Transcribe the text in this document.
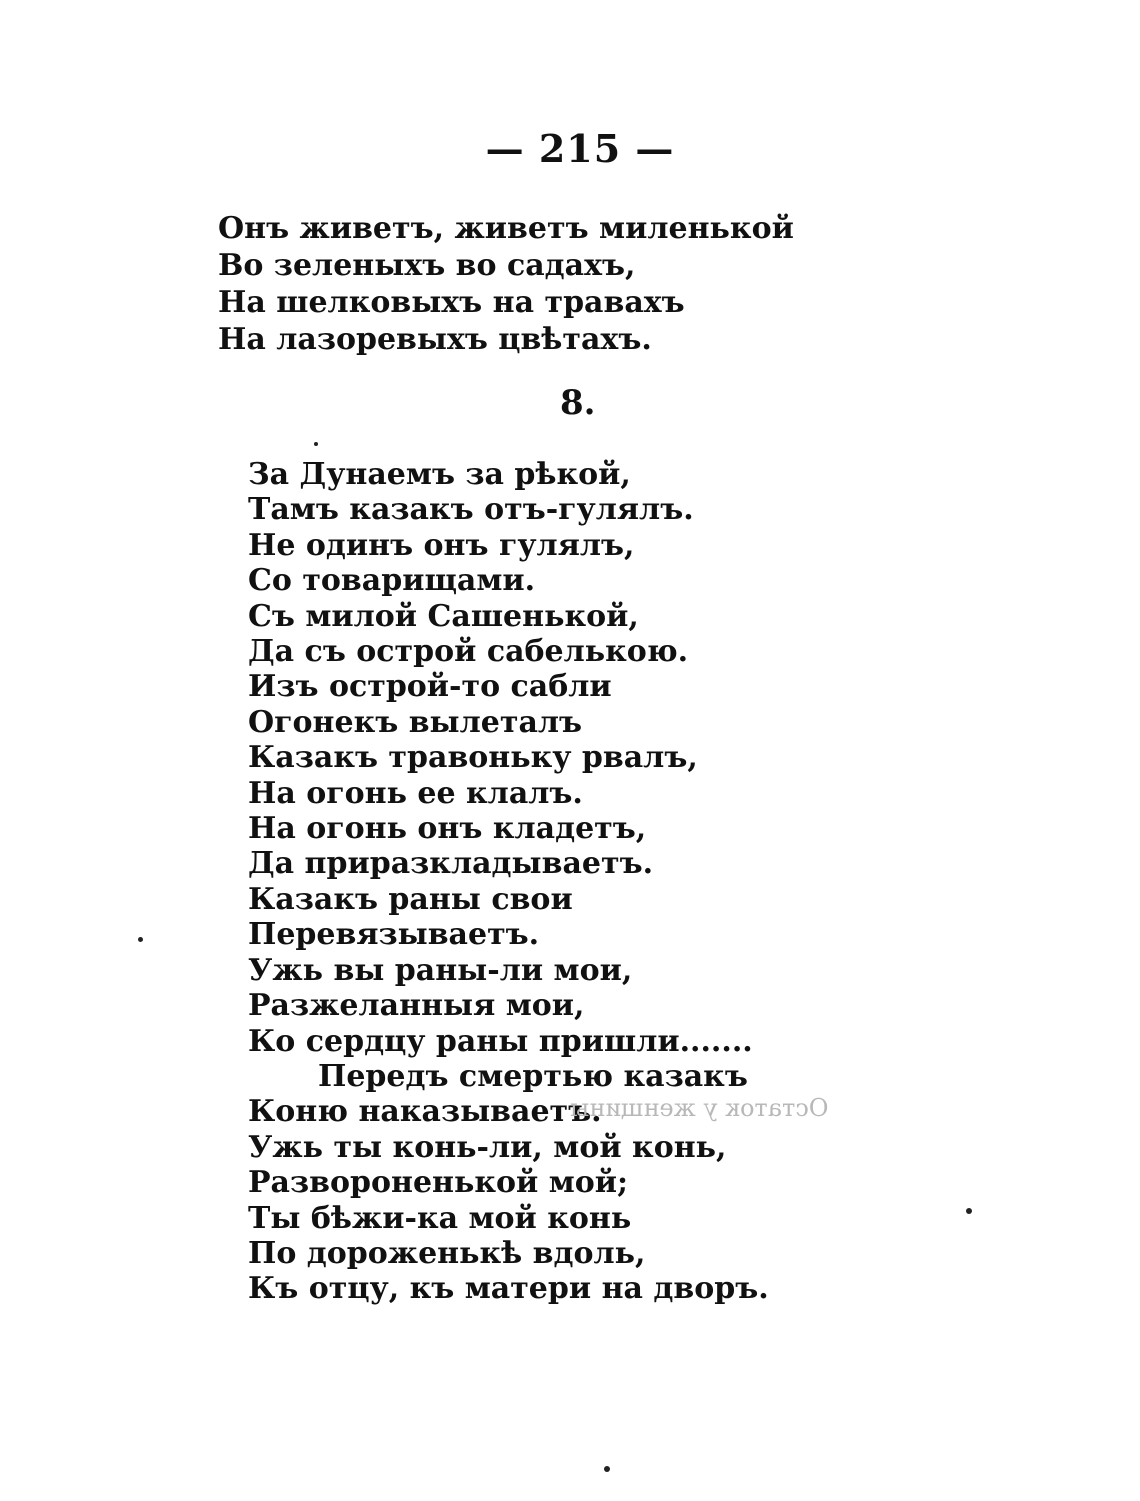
— 215 —
Онъ живетъ, живетъ миленькой
Во зеленыхъ во садахъ,
На шелковыхъ на травахъ
На лазоревыхъ цвѣтахъ.
8.
За Дунаемъ за рѣкой,
Тамъ казакъ отъ-гулялъ.
Не одинъ онъ гулялъ,
Со товарищами.
Съ милой Сашенькой,
Да съ острой сабелькою.
Изъ острой-то сабли
Огонекъ вылеталъ
Казакъ травоньку рвалъ,
На огонь ее клалъ.
На огонь онъ кладетъ,
Да приразкладываетъ.
Казакъ раны свои
Перевязываетъ.
Ужь вы раны-ли мои,
Разжеланныя мои,
Ко сердцу раны пришли.......
Передъ смертью казакъ
Коню наказываетъ.
Ужь ты конь-ли, мой конь,
Развороненькой мой;
Ты бѣжи-ка мой конь
По дороженькѣ вдоль,
Къ отцу, къ матери на дворъ.
Остаток у женщины
